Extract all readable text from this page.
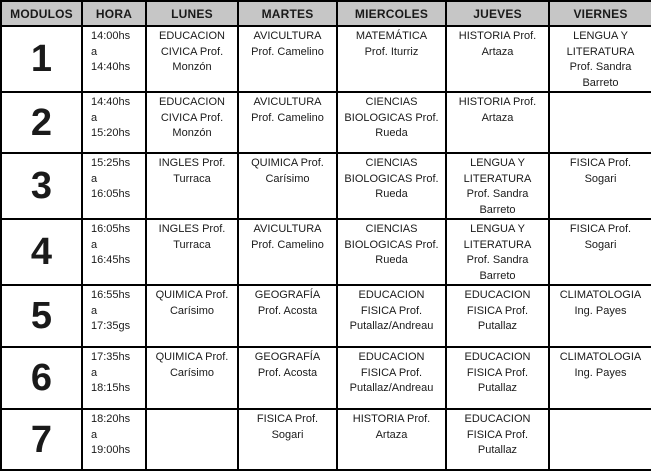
MODULOS	HORA	LUNES	MARTES	MIERCOLES	JUEVES	VIERNES
1	14:00hs
a
14:40hs	EDUCACION
CIVICA Prof.
Monzón	AVICULTURA
Prof. Camelino	MATEMÁTICA
Prof. Iturriz	HISTORIA Prof.
Artaza	LENGUA Y
LITERATURA
Prof. Sandra
Barreto
2	14:40hs
a
15:20hs	EDUCACION
CIVICA Prof.
Monzón	AVICULTURA
Prof. Camelino	CIENCIAS
BIOLOGICAS Prof.
Rueda	HISTORIA Prof.
Artaza	
3	15:25hs
a
16:05hs	INGLES Prof.
Turraca	QUIMICA Prof.
Carísimo	CIENCIAS
BIOLOGICAS Prof.
Rueda	LENGUA Y
LITERATURA
Prof. Sandra
Barreto	FISICA Prof.
Sogari
4	16:05hs
a
16:45hs	INGLES Prof.
Turraca	AVICULTURA
Prof. Camelino	CIENCIAS
BIOLOGICAS Prof.
Rueda	LENGUA Y
LITERATURA
Prof. Sandra
Barreto	FISICA Prof.
Sogari
5	16:55hs
a
17:35gs	QUIMICA Prof.
Carísimo	GEOGRAFÍA
Prof. Acosta	EDUCACION
FISICA Prof.
Putallaz/Andreau	EDUCACION
FISICA Prof.
Putallaz	CLIMATOLOGIA
Ing. Payes
6	17:35hs
a
18:15hs	QUIMICA Prof.
Carísimo	GEOGRAFÍA
Prof. Acosta	EDUCACION
FISICA Prof.
Putallaz/Andreau	EDUCACION
FISICA Prof.
Putallaz	CLIMATOLOGIA
Ing. Payes
7	18:20hs
a
19:00hs		FISICA Prof.
Sogari	HISTORIA Prof.
Artaza	EDUCACION
FISICA Prof.
Putallaz	
